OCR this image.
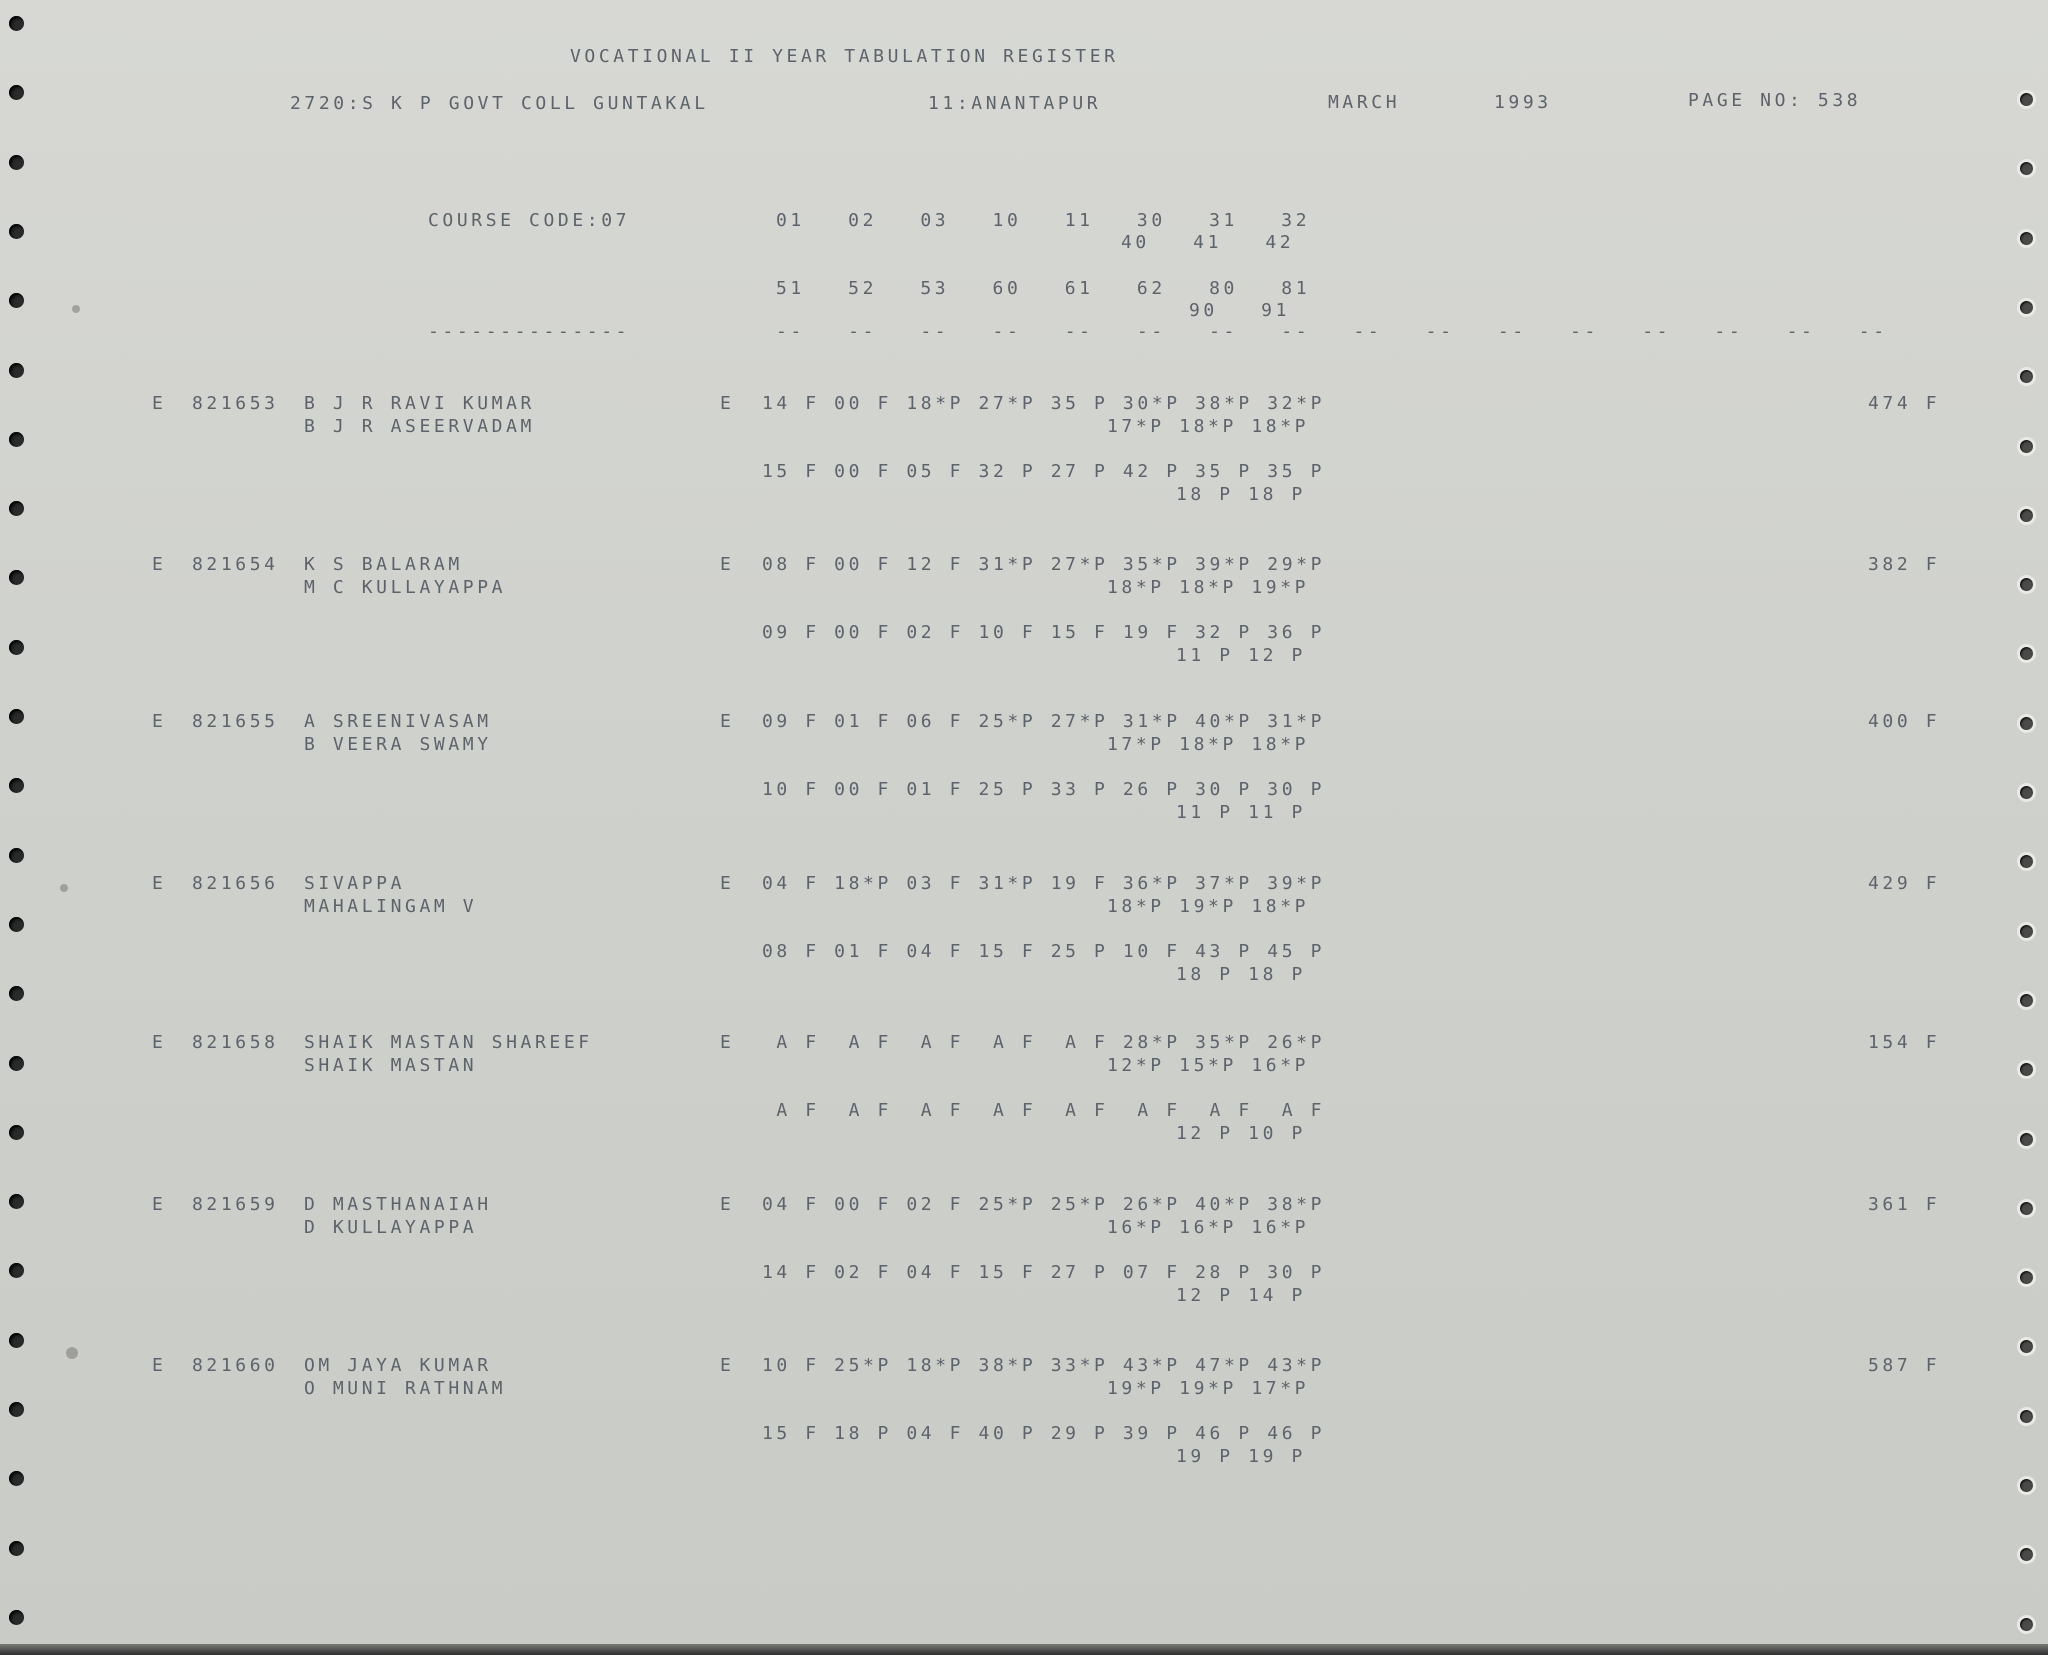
VOCATIONAL II YEAR TABULATION REGISTER
2720:S K P GOVT COLL GUNTAKAL	11:ANANTAPUR	MARCH	1993	PAGE NO: 538
COURSE CODE:07	01   02   03   10   11   30   31   32
40   41   42
51   52   53   60   61   62   80   81
90   91
--------------	--   --   --   --   --   --   --   --   --   --   --   --   --   --   --   --
E 821653 B J R RAVI KUMAR
B J R ASEERVADAM
E 14 F 00 F 18*P 27*P 35 P 30*P 38*P 32*P
17*P 18*P 18*P
15 F 00 F 05 F 32 P 27 P 42 P 35 P 35 P
18 P 18 P
474 F
E 821654 K S BALARAM
M C KULLAYAPPA
E 08 F 00 F 12 F 31*P 27*P 35*P 39*P 29*P
18*P 18*P 19*P
09 F 00 F 02 F 10 F 15 F 19 F 32 P 36 P
11 P 12 P
382 F
E 821655 A SREENIVASAM
B VEERA SWAMY
E 09 F 01 F 06 F 25*P 27*P 31*P 40*P 31*P
17*P 18*P 18*P
10 F 00 F 01 F 25 P 33 P 26 P 30 P 30 P
11 P 11 P
400 F
E 821656 SIVAPPA
MAHALINGAM V
E 04 F 18*P 03 F 31*P 19 F 36*P 37*P 39*P
18*P 19*P 18*P
08 F 01 F 04 F 15 F 25 P 10 F 43 P 45 P
18 P 18 P
429 F
E 821658 SHAIK MASTAN SHAREEF
SHAIK MASTAN
E A F  A F  A F  A F  A F 28*P 35*P 26*P
12*P 15*P 16*P
A F  A F  A F  A F  A F  A F  A F  A F
12 P 10 P
154 F
E 821659 D MASTHANAIAH
D KULLAYAPPA
E 04 F 00 F 02 F 25*P 25*P 26*P 40*P 38*P
16*P 16*P 16*P
14 F 02 F 04 F 15 F 27 P 07 F 28 P 30 P
12 P 14 P
361 F
E 821660 OM JAYA KUMAR
O MUNI RATHNAM
E 10 F 25*P 18*P 38*P 33*P 43*P 47*P 43*P
19*P 19*P 17*P
15 F 18 P 04 F 40 P 29 P 39 P 46 P 46 P
19 P 19 P
587 F
